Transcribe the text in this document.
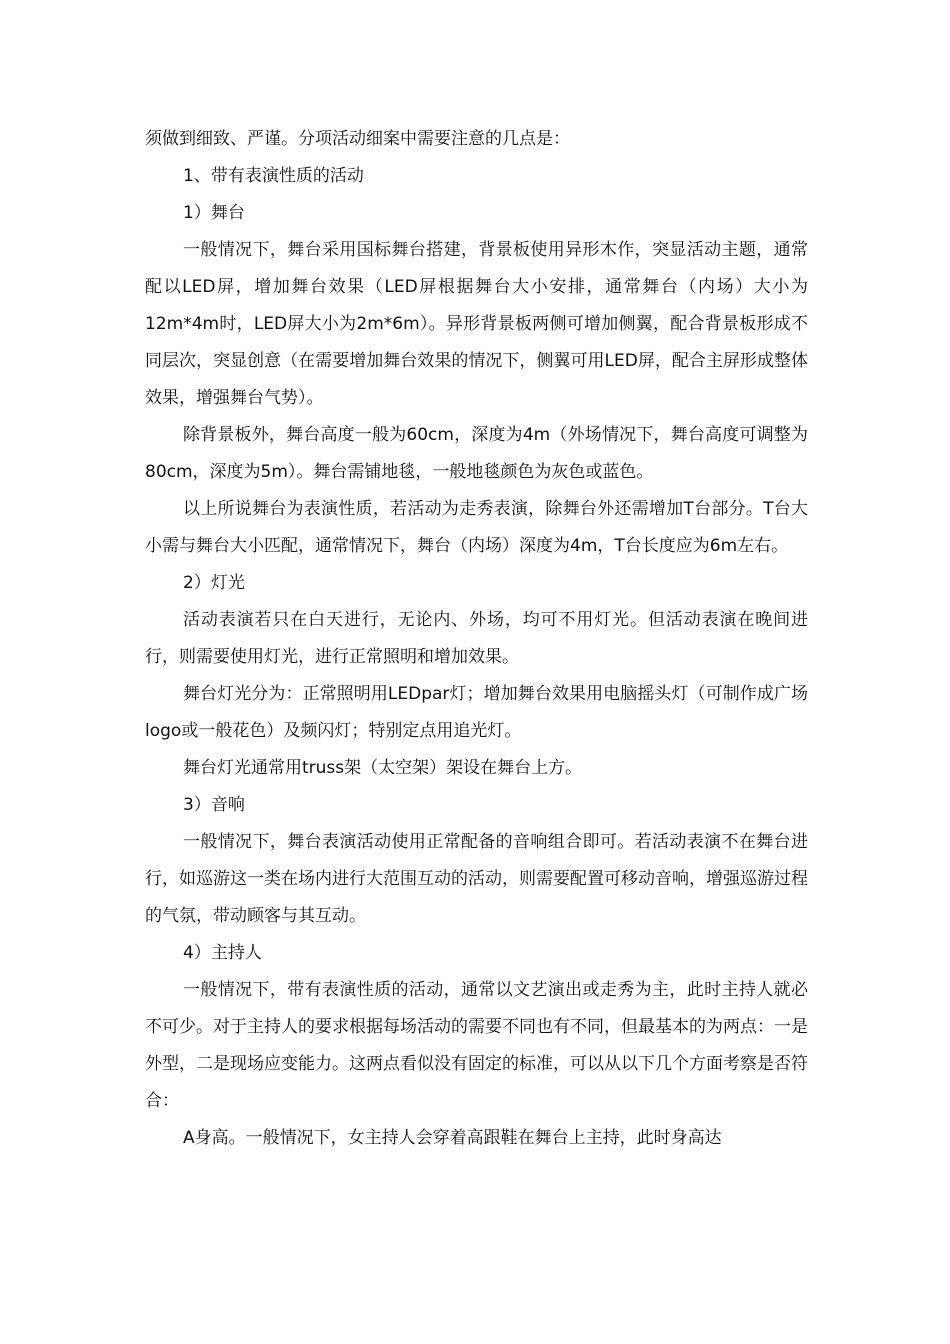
须做到细致、严谨。分项活动细案中需要注意的几点是：

1、带有表演性质的活动

1）舞台

一般情况下，舞台采用国标舞台搭建，背景板使用异形木作，突显活动主题，通常配以LED屏，增加舞台效果（LED屏根据舞台大小安排，通常舞台（内场）大小为12m*4m时，LED屏大小为2m*6m）。异形背景板两侧可增加侧翼，配合背景板形成不同层次，突显创意（在需要增加舞台效果的情况下，侧翼可用LED屏，配合主屏形成整体效果，增强舞台气势）。

除背景板外，舞台高度一般为60cm，深度为4m（外场情况下，舞台高度可调整为80cm，深度为5m）。舞台需铺地毯，一般地毯颜色为灰色或蓝色。

以上所说舞台为表演性质，若活动为走秀表演，除舞台外还需增加T台部分。T台大小需与舞台大小匹配，通常情况下，舞台（内场）深度为4m，T台长度应为6m左右。

2）灯光

活动表演若只在白天进行，无论内、外场，均可不用灯光。但活动表演在晚间进行，则需要使用灯光，进行正常照明和增加效果。

舞台灯光分为：正常照明用LEDpar灯；增加舞台效果用电脑摇头灯（可制作成广场logo或一般花色）及频闪灯；特别定点用追光灯。

舞台灯光通常用truss架（太空架）架设在舞台上方。

3）音响

一般情况下，舞台表演活动使用正常配备的音响组合即可。若活动表演不在舞台进行，如巡游这一类在场内进行大范围互动的活动，则需要配置可移动音响，增强巡游过程的气氛，带动顾客与其互动。

4）主持人

一般情况下，带有表演性质的活动，通常以文艺演出或走秀为主，此时主持人就必不可少。对于主持人的要求根据每场活动的需要不同也有不同，但最基本的为两点：一是外型，二是现场应变能力。这两点看似没有固定的标准，可以从以下几个方面考察是否符合：

A身高。一般情况下，女主持人会穿着高跟鞋在舞台上主持，此时身高达
